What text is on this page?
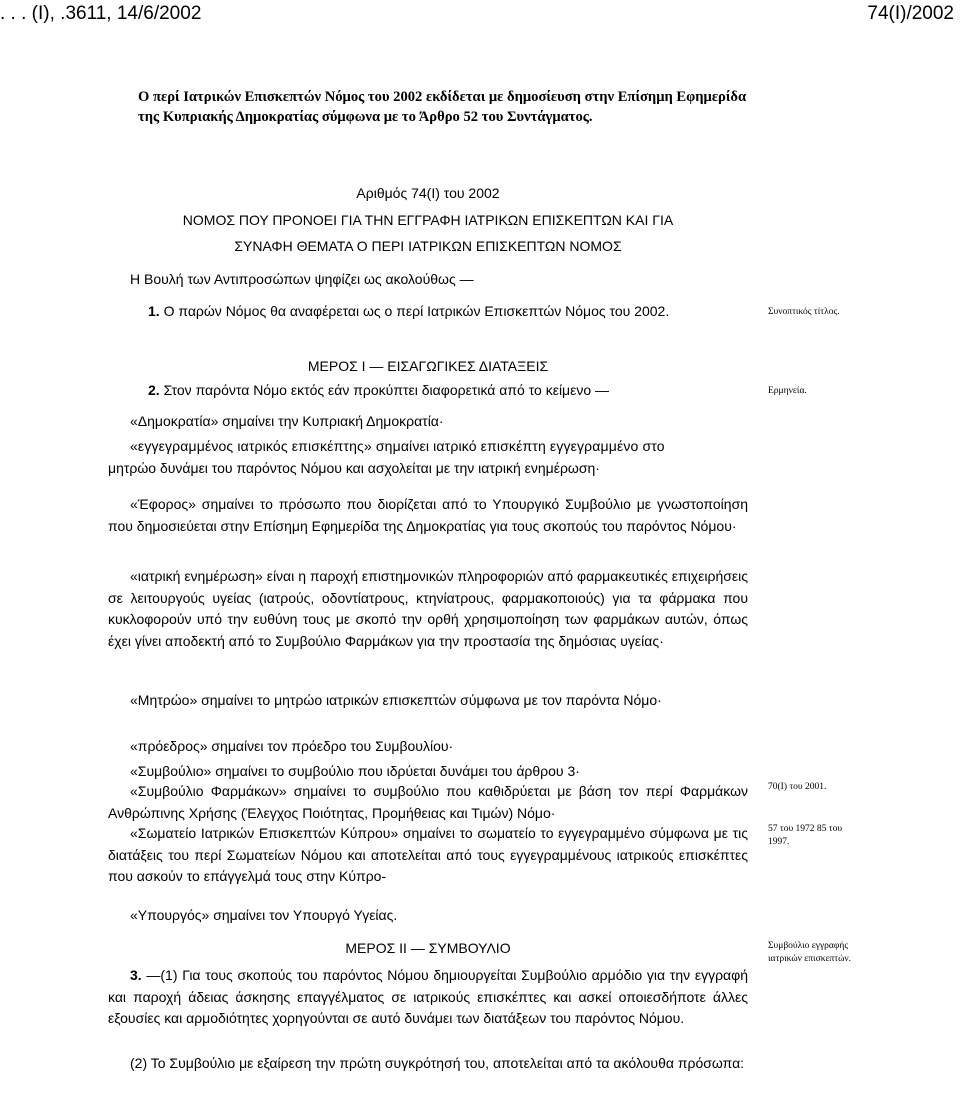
. . . (I), .3611, 14/6/2002	74(I)/2002
Ο περί Ιατρικών Επισκεπτών Νόμος του 2002 εκδίδεται με δημοσίευση στην Επίσημη Εφημερίδα
της Κυπριακής Δημοκρατίας σύμφωνα με το Άρθρο 52 του Συντάγματος.
Αριθμός 74(Ι) του 2002
ΝΟΜΟΣ ΠΟΥ ΠΡΟΝΟΕΙ ΓΙΑ ΤΗΝ ΕΓΓΡΑΦΗ ΙΑΤΡΙΚΩΝ ΕΠΙΣΚΕΠΤΩΝ ΚΑΙ ΓΙΑ
ΣΥΝΑΦΗ ΘΕΜΑΤΑ Ο ΠΕΡΙ ΙΑΤΡΙΚΩΝ ΕΠΙΣΚΕΠΤΩΝ ΝΟΜΟΣ
Η Βουλή των Αντιπροσώπων ψηφίζει ως ακολούθως —
1. Ο παρών Νόμος θα αναφέρεται ως ο περί Ιατρικών Επισκεπτών Νόμος του 2002.	Συνοπτικός τίτλος.
ΜΕΡΟΣ Ι — ΕΙΣΑΓΩΓΙΚΕΣ ΔΙΑΤΑΞΕΙΣ
2. Στον παρόντα Νόμο εκτός εάν προκύπτει διαφορετικά από το κείμενο —	Ερμηνεία.
«Δημοκρατία» σημαίνει την Κυπριακή Δημοκρατία·
«εγγεγραμμένος ιατρικός επισκέπτης» σημαίνει ιατρικό επισκέπτη εγγεγραμμένο στο
μητρώο δυνάμει του παρόντος Νόμου και ασχολείται με την ιατρική ενημέρωση·
«Έφορος» σημαίνει το πρόσωπο που διορίζεται από το Υπουργικό Συμβούλιο με γνωστοποίηση που δημοσιεύεται στην Επίσημη Εφημερίδα της Δημοκρατίας για τους σκοπούς του παρόντος Νόμου·
«ιατρική ενημέρωση» είναι η παροχή επιστημονικών πληροφοριών από φαρμακευτικές επιχειρήσεις σε λειτουργούς υγείας (ιατρούς, οδοντίατρους, κτηνίατρους, φαρμακοποιούς) για τα φάρμακα που κυκλοφορούν υπό την ευθύνη τους με σκοπό την ορθή χρησιμοποίηση των φαρμάκων αυτών, όπως έχει γίνει αποδεκτή από το Συμβούλιο Φαρμάκων για την προστασία της δημόσιας υγείας·
«Μητρώο» σημαίνει το μητρώο ιατρικών επισκεπτών σύμφωνα με τον παρόντα Νόμο·
«πρόεδρος» σημαίνει τον πρόεδρο του Συμβουλίου·
«Συμβούλιο» σημαίνει το συμβούλιο που ιδρύεται δυνάμει του άρθρου 3·
«Συμβούλιο Φαρμάκων» σημαίνει το συμβούλιο που καθιδρύεται με βάση τον περί Φαρμάκων Ανθρώπινης Χρήσης (Έλεγχος Ποιότητας, Προμήθειας και Τιμών) Νόμο·
70(Ι) του 2001.
«Σωματείο Ιατρικών Επισκεπτών Κύπρου» σημαίνει το σωματείο το εγγεγραμμένο σύμφωνα με τις διατάξεις του περί Σωματείων Νόμου και αποτελείται από τους εγγεγραμμένους ιατρικούς επισκέπτες που ασκούν το επάγγελμά τους στην Κύπρο-
57 του 1972 85 του
1997.
«Υπουργός» σημαίνει τον Υπουργό Υγείας.
ΜΕΡΟΣ ΙΙ — ΣΥΜΒΟΥΛΙΟ	Συμβούλιο εγγραφής
ιατρικών επισκεπτών.
3. —(1) Για τους σκοπούς του παρόντος Νόμου δημιουργείται Συμβούλιο αρμόδιο για την εγγραφή και παροχή άδειας άσκησης επαγγέλματος σε ιατρικούς επισκέπτες και ασκεί οποιεσδήποτε άλλες εξουσίες και αρμοδιότητες χορηγούνται σε αυτό δυνάμει των διατάξεων του παρόντος Νόμου.
(2) Το Συμβούλιο με εξαίρεση την πρώτη συγκρότησή του, αποτελείται από τα ακόλουθα πρόσωπα:
